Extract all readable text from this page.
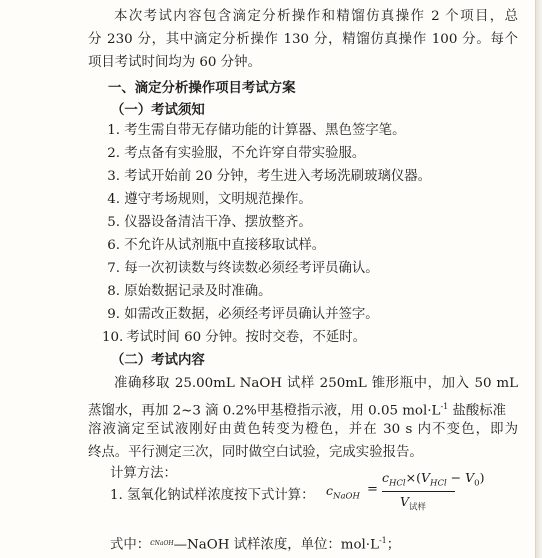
本次考试内容包含滴定分析操作和精馏仿真操作 2 个项目，总
分 230 分，其中滴定分析操作 130 分，精馏仿真操作 100 分。每个
项目考试时间均为 60 分钟。
一、滴定分析操作项目考试方案
（一）考试须知
1. 考生需自带无存储功能的计算器、黑色签字笔。
2. 考点备有实验服，不允许穿自带实验服。
3. 考试开始前 20 分钟，考生进入考场洗刷玻璃仪器。
4. 遵守考场规则，文明规范操作。
5. 仪器设备清洁干净、摆放整齐。
6. 不允许从试剂瓶中直接移取试样。
7. 每一次初读数与终读数必须经考评员确认。
8. 原始数据记录及时准确。
9. 如需改正数据，必须经考评员确认并签字。
10. 考试时间 60 分钟。按时交卷，不延时。
（二）考试内容
准确移取 25.00mL NaOH 试样 250mL 锥形瓶中，加入 50 mL
蒸馏水，再加 2~3 滴 0.2%甲基橙指示液，用 0.05 $mol\cdot L^{-1}$ 盐酸标准
溶液滴定至试液刚好由黄色转变为橙色，并在 30 s 内不变色，即为
终点。平行测定三次，同时做空白试验，完成实验报告。
计算方法：
1. 氢氧化钠试样浓度按下式计算： $c_{NaOH}$ =
$c_{HCl}\times(V_{HCl} - V_0)$
$V_{试样}$
式中：$^{cNaOH}$—NaOH 试样浓度，单位：$mol\cdot L^{-1}$；
